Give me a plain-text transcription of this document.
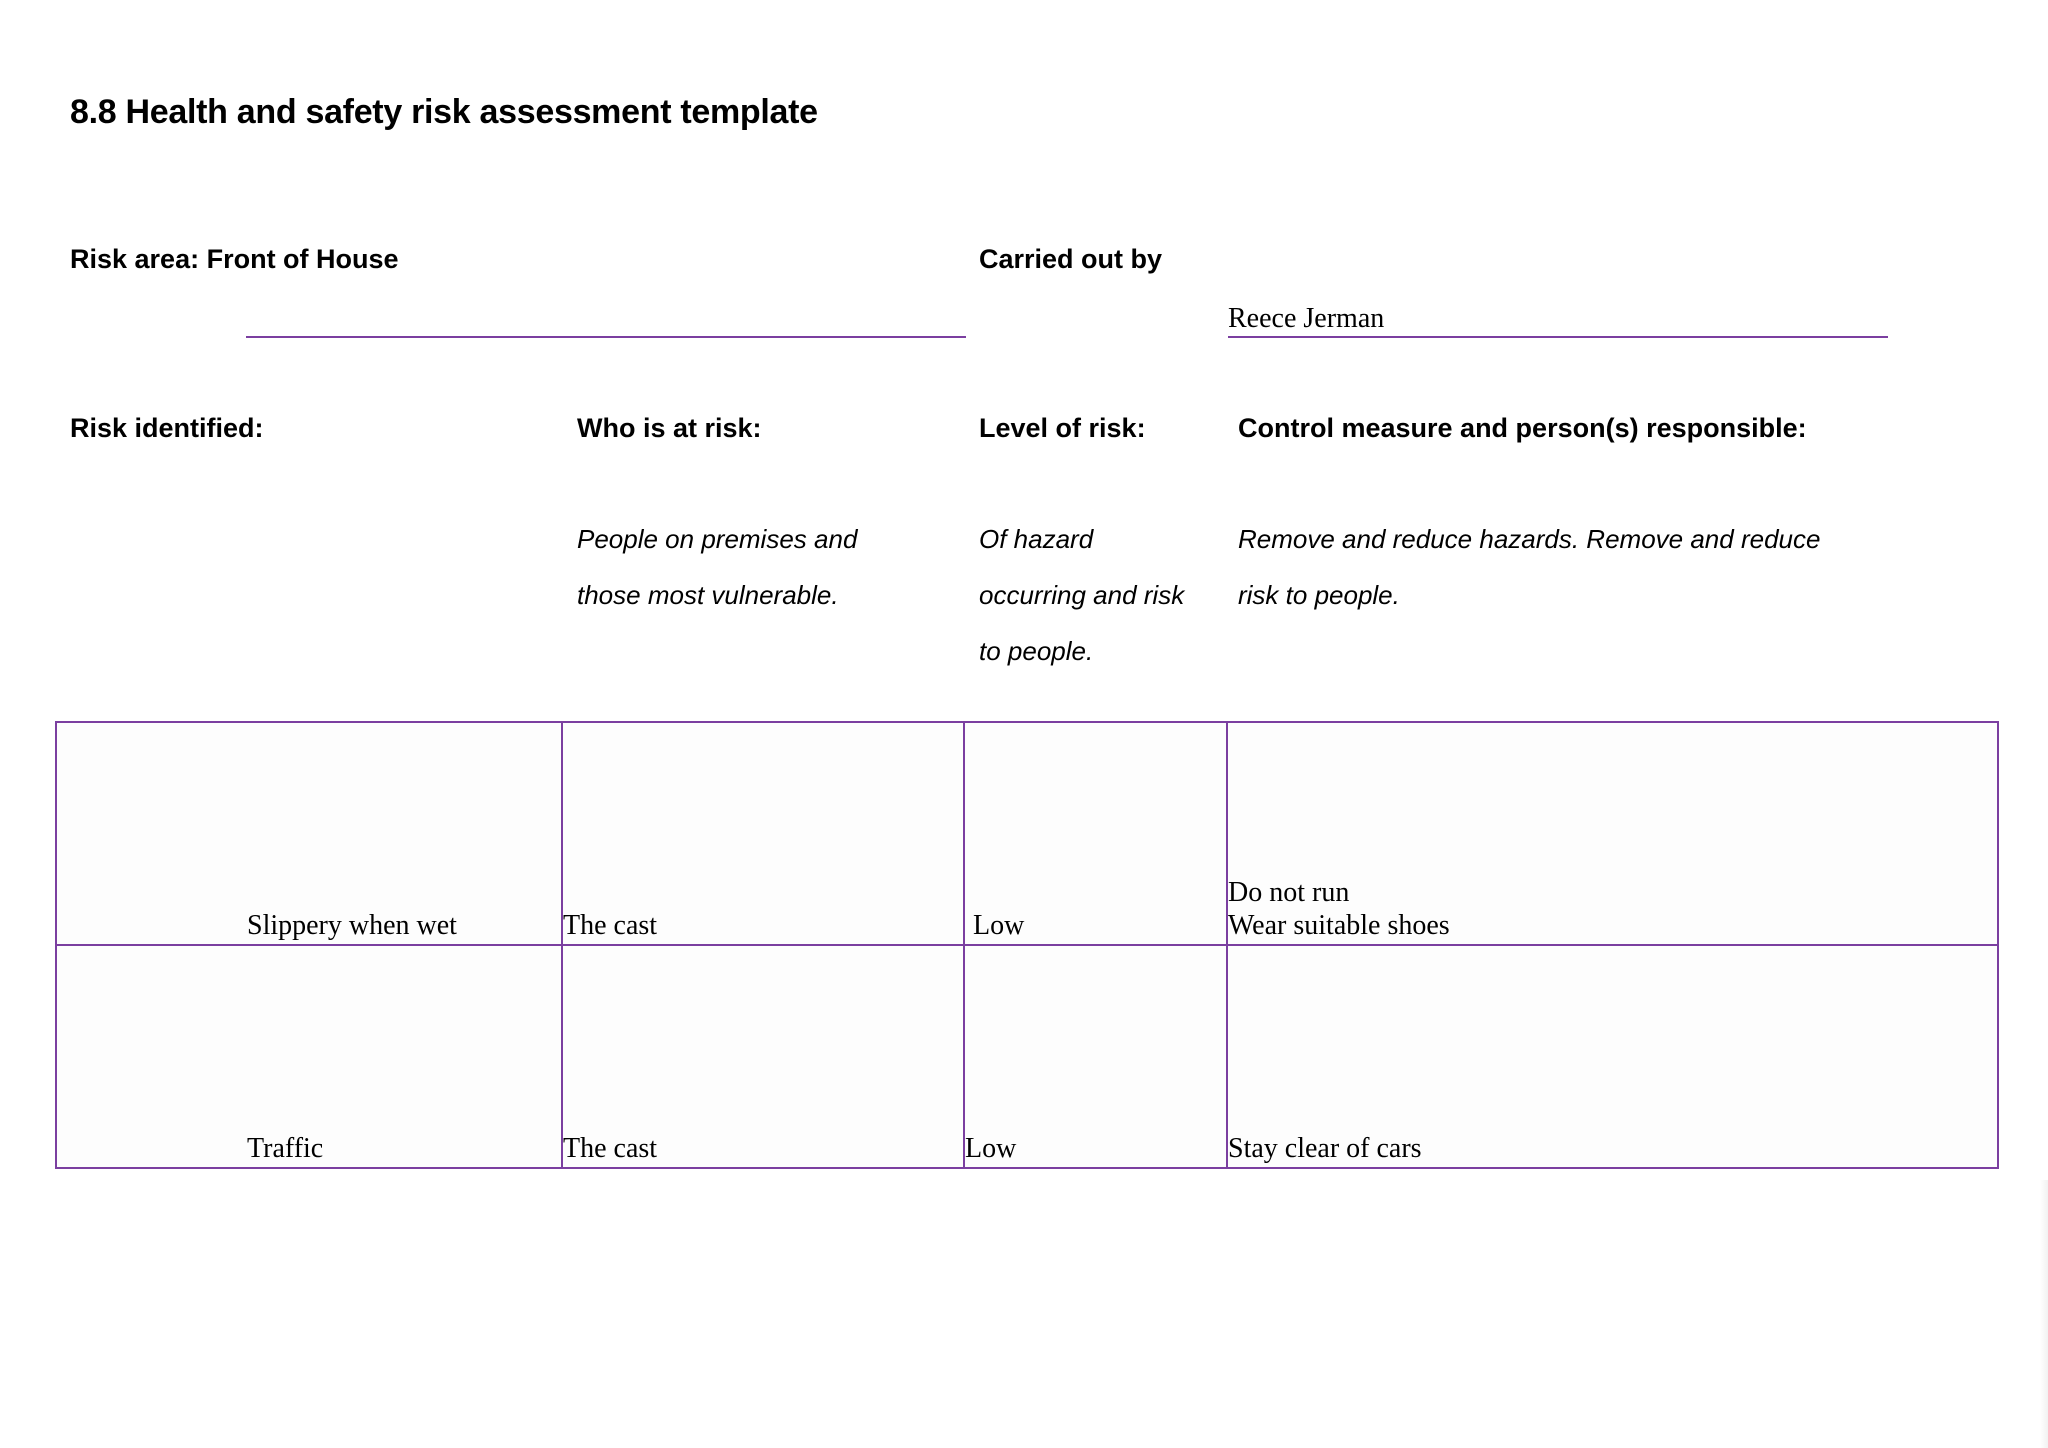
8.8 Health and safety risk assessment template
Risk area: Front of House	Carried out by
Reece Jerman
Risk identified:	Who is at risk:	Level of risk:	Control measure and person(s) responsible:
People on premises and those most vulnerable.
Of hazard occurring and risk to people.
Remove and reduce hazards. Remove and reduce risk to people.
Slippery when wet	The cast	Low	Do not run
Wear suitable shoes

Traffic	The cast	Low	Stay clear of cars
